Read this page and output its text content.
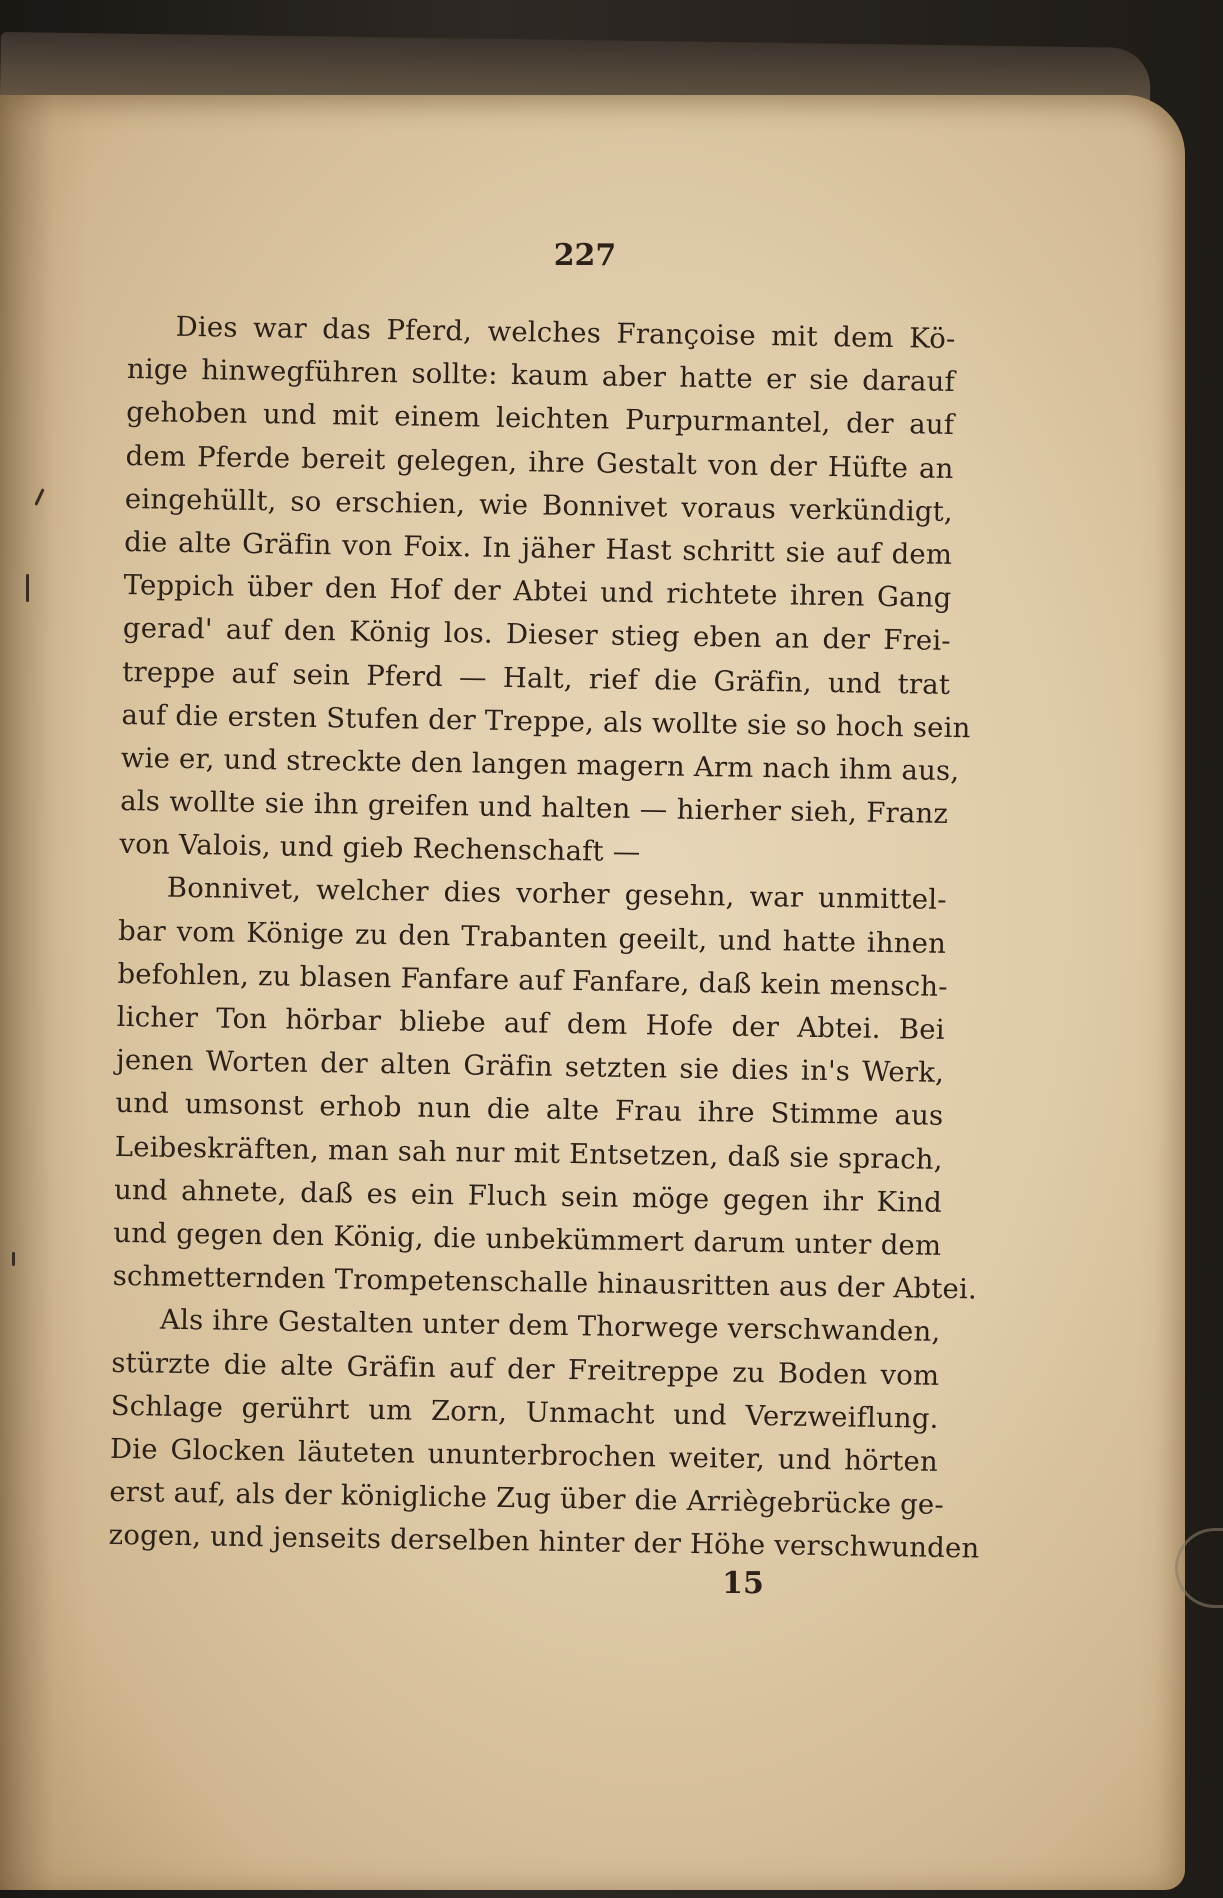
227
Dies war das Pferd, welches Françoise mit dem Kö-
nige hinwegführen sollte: kaum aber hatte er sie darauf
gehoben und mit einem leichten Purpurmantel, der auf
dem Pferde bereit gelegen, ihre Gestalt von der Hüfte an
eingehüllt, so erschien, wie Bonnivet voraus verkündigt,
die alte Gräfin von Foix. In jäher Hast schritt sie auf dem
Teppich über den Hof der Abtei und richtete ihren Gang
gerad' auf den König los. Dieser stieg eben an der Frei-
treppe auf sein Pferd — Halt, rief die Gräfin, und trat
auf die ersten Stufen der Treppe, als wollte sie so hoch sein
wie er, und streckte den langen magern Arm nach ihm aus,
als wollte sie ihn greifen und halten — hierher sieh, Franz
von Valois, und gieb Rechenschaft —
Bonnivet, welcher dies vorher gesehn, war unmittel-
bar vom Könige zu den Trabanten geeilt, und hatte ihnen
befohlen, zu blasen Fanfare auf Fanfare, daß kein mensch-
licher Ton hörbar bliebe auf dem Hofe der Abtei. Bei
jenen Worten der alten Gräfin setzten sie dies in's Werk,
und umsonst erhob nun die alte Frau ihre Stimme aus
Leibeskräften, man sah nur mit Entsetzen, daß sie sprach,
und ahnete, daß es ein Fluch sein möge gegen ihr Kind
und gegen den König, die unbekümmert darum unter dem
schmetternden Trompetenschalle hinausritten aus der Abtei.
Als ihre Gestalten unter dem Thorwege verschwanden,
stürzte die alte Gräfin auf der Freitreppe zu Boden vom
Schlage gerührt um Zorn, Unmacht und Verzweiflung.
Die Glocken läuteten ununterbrochen weiter, und hörten
erst auf, als der königliche Zug über die Arriègebrücke ge-
zogen, und jenseits derselben hinter der Höhe verschwunden
15
